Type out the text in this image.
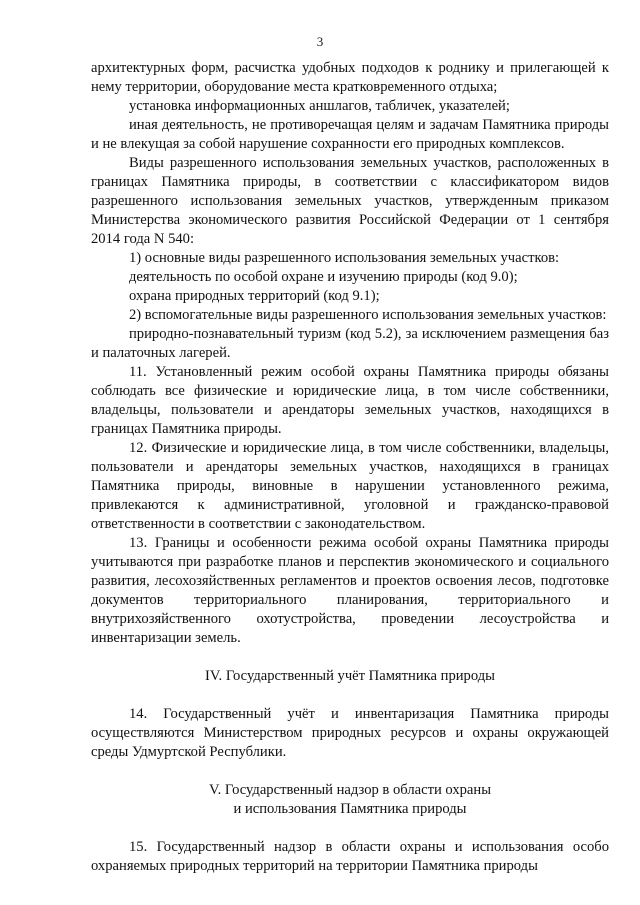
3

архитектурных форм, расчистка удобных подходов к роднику и прилегающей к нему территории, оборудование места кратковременного отдыха;

установка информационных аншлагов, табличек, указателей;

иная деятельность, не противоречащая целям и задачам Памятника природы и не влекущая за собой нарушение сохранности его природных комплексов.

Виды разрешенного использования земельных участков, расположенных в границах Памятника природы, в соответствии с классификатором видов разрешенного использования земельных участков, утвержденным приказом Министерства экономического развития Российской Федерации от 1 сентября 2014 года N 540:

1) основные виды разрешенного использования земельных участков:

деятельность по особой охране и изучению природы (код 9.0);

охрана природных территорий (код 9.1);

2) вспомогательные виды разрешенного использования земельных участков:

природно-познавательный туризм (код 5.2), за исключением размещения баз и палаточных лагерей.

11. Установленный режим особой охраны Памятника природы обязаны соблюдать все физические и юридические лица, в том числе собственники, владельцы, пользователи и арендаторы земельных участков, находящихся в границах Памятника природы.

12. Физические и юридические лица, в том числе собственники, владельцы, пользователи и арендаторы земельных участков, находящихся в границах Памятника природы, виновные в нарушении установленного режима, привлекаются к административной, уголовной и гражданско-правовой ответственности в соответствии с законодательством.

13. Границы и особенности режима особой охраны Памятника природы учитываются при разработке планов и перспектив экономического и социального развития, лесохозяйственных регламентов и проектов освоения лесов, подготовке документов территориального планирования, территориального и внутрихозяйственного охотустройства, проведении лесоустройства и инвентаризации земель.

IV. Государственный учёт Памятника природы

14. Государственный учёт и инвентаризация Памятника природы осуществляются Министерством природных ресурсов и охраны окружающей среды Удмуртской Республики.

V. Государственный надзор в области охраны
и использования Памятника природы

15. Государственный надзор в области охраны и использования особо охраняемых природных территорий на территории Памятника природы
